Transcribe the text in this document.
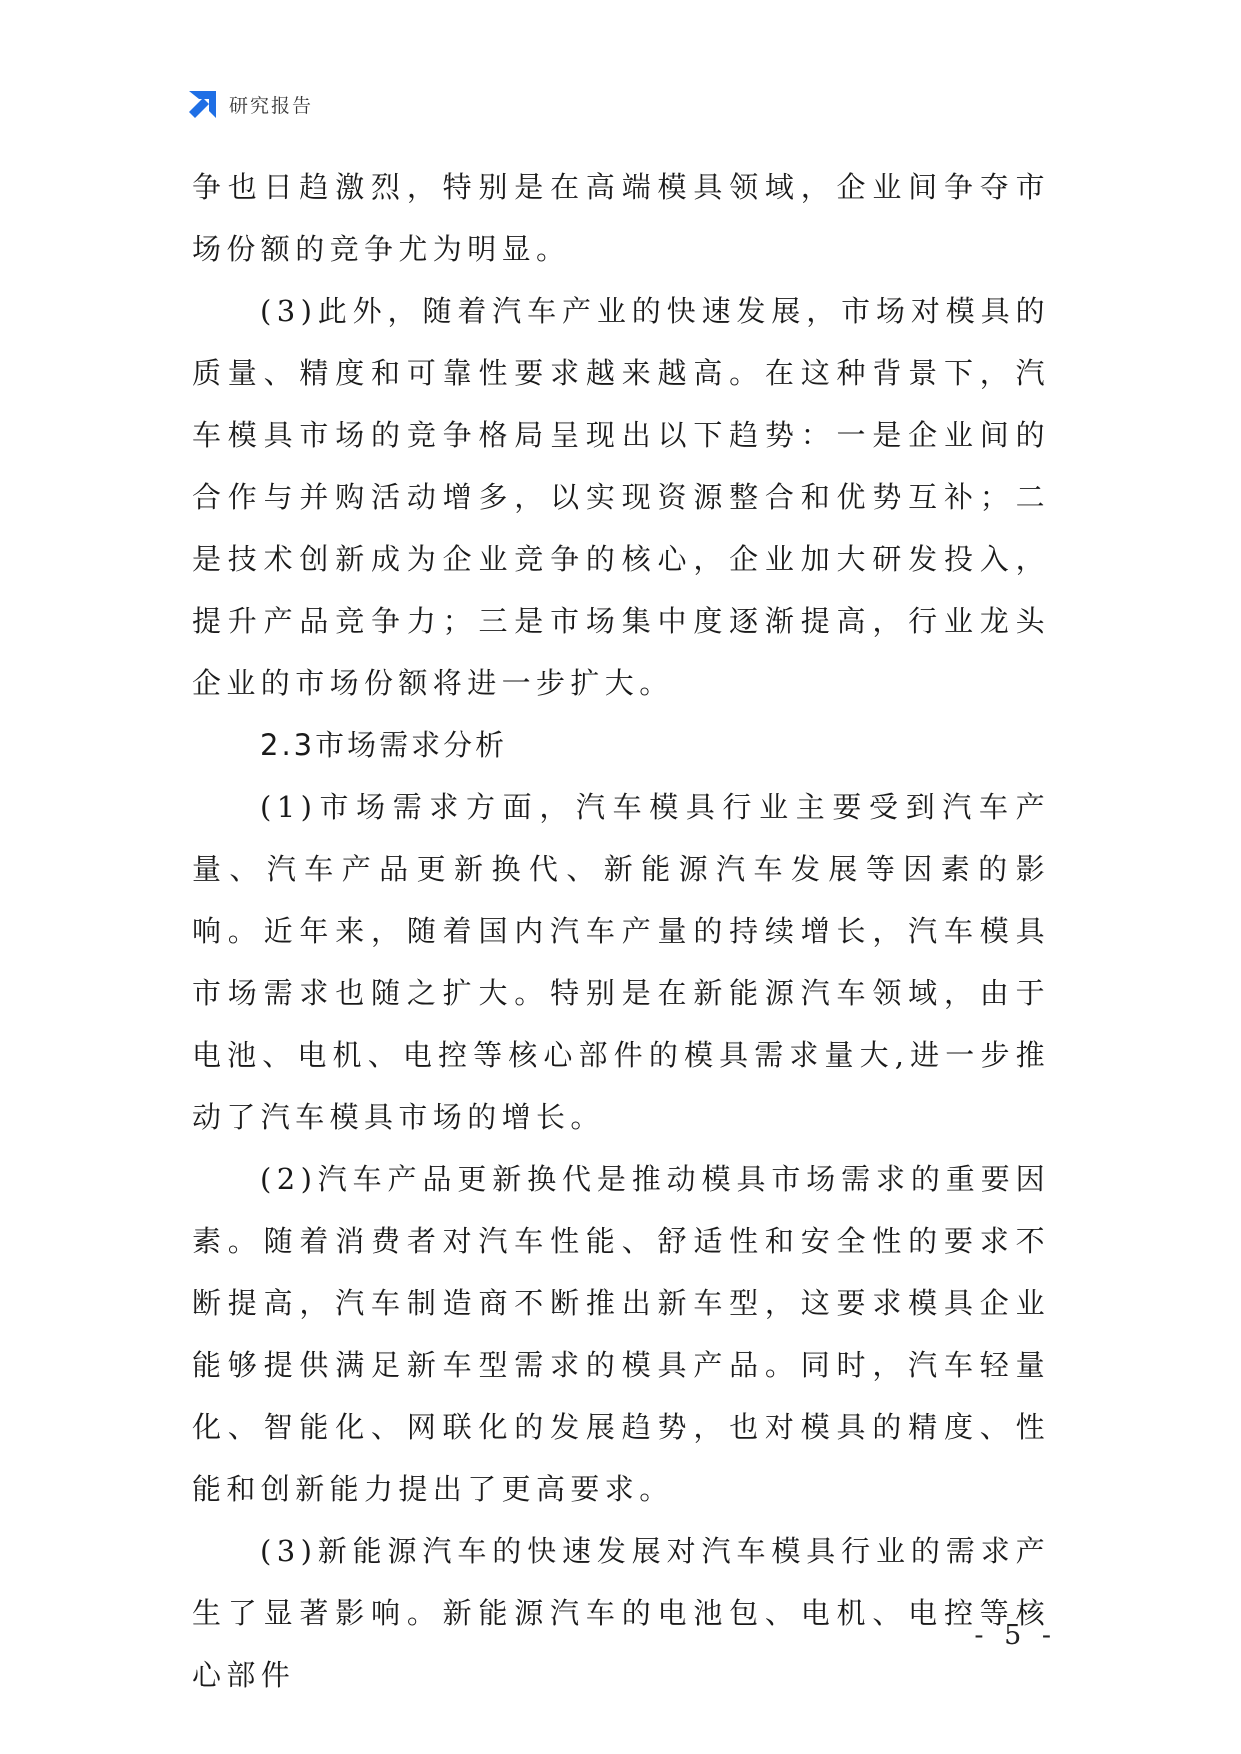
研究报告

争也日趋激烈，特别是在高端模具领域，企业间争夺市场份额的竞争尤为明显。

(3)此外，随着汽车产业的快速发展，市场对模具的质量、精度和可靠性要求越来越高。在这种背景下，汽车模具市场的竞争格局呈现出以下趋势：一是企业间的合作与并购活动增多，以实现资源整合和优势互补；二是技术创新成为企业竞争的核心，企业加大研发投入，提升产品竞争力；三是市场集中度逐渐提高，行业龙头企业的市场份额将进一步扩大。

2.3市场需求分析

(1)市场需求方面，汽车模具行业主要受到汽车产量、汽车产品更新换代、新能源汽车发展等因素的影响。近年来，随着国内汽车产量的持续增长，汽车模具市场需求也随之扩大。特别是在新能源汽车领域，由于电池、电机、电控等核心部件的模具需求量大,进一步推动了汽车模具市场的增长。

(2)汽车产品更新换代是推动模具市场需求的重要因素。随着消费者对汽车性能、舒适性和安全性的要求不断提高，汽车制造商不断推出新车型，这要求模具企业能够提供满足新车型需求的模具产品。同时，汽车轻量化、智能化、网联化的发展趋势，也对模具的精度、性能和创新能力提出了更高要求。

(3)新能源汽车的快速发展对汽车模具行业的需求产生了显著影响。新能源汽车的电池包、电机、电控等核心部件

- 5 -
